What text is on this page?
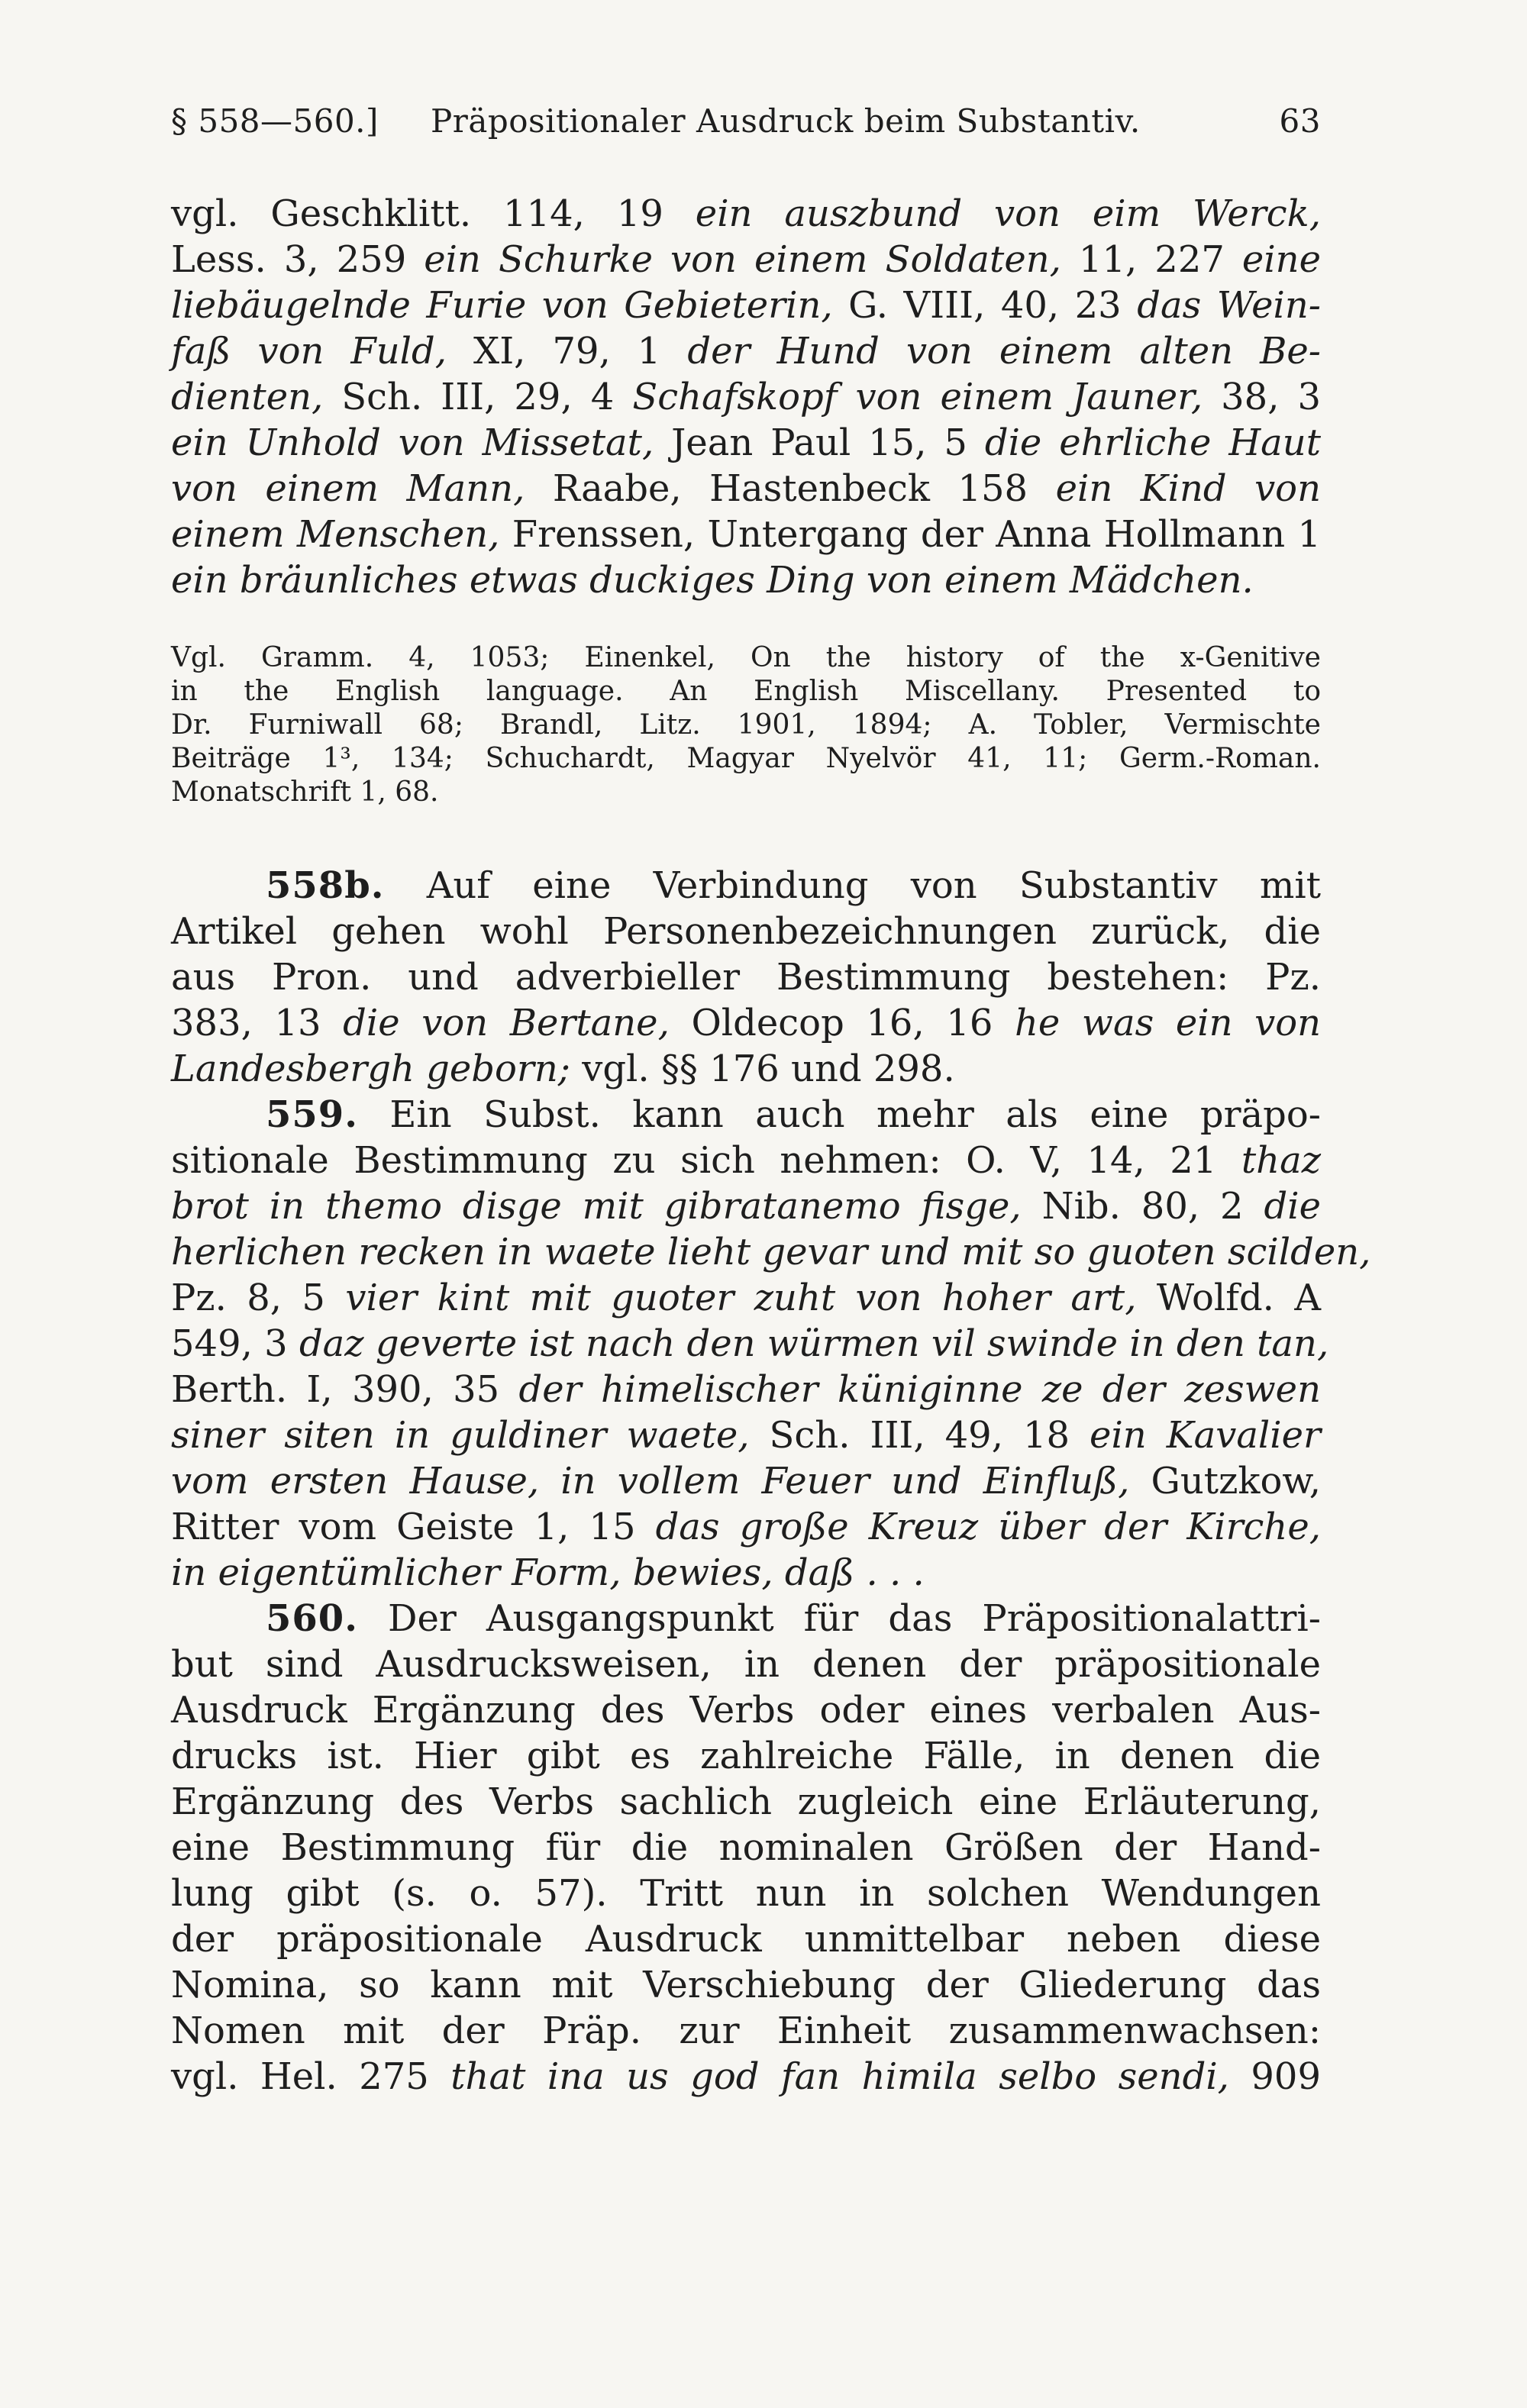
§ 558—560.] Präpositionaler Ausdruck beim Substantiv.	63
vgl. Geschklitt. 114, 19 ein auszbund von eim Werck,
Less. 3, 259 ein Schurke von einem Soldaten, 11, 227 eine
liebäugelnde Furie von Gebieterin, G. VIII, 40, 23 das Wein-
faß von Fuld, XI, 79, 1 der Hund von einem alten Be-
dienten, Sch. III, 29, 4 Schafskopf von einem Jauner, 38, 3
ein Unhold von Missetat, Jean Paul 15, 5 die ehrliche Haut
von einem Mann, Raabe, Hastenbeck 158 ein Kind von
einem Menschen, Frenssen, Untergang der Anna Hollmann 1
ein bräunliches etwas duckiges Ding von einem Mädchen.
Vgl. Gramm. 4, 1053; Einenkel, On the history of the x-Genitive
in the English language. An English Miscellany. Presented to
Dr. Furniwall 68; Brandl, Litz. 1901, 1894; A. Tobler, Vermischte
Beiträge 1³, 134; Schuchardt, Magyar Nyelvör 41, 11; Germ.-Roman.
Monatschrift 1, 68.
558b. Auf eine Verbindung von Substantiv mit
Artikel gehen wohl Personenbezeichnungen zurück, die
aus Pron. und adverbieller Bestimmung bestehen: Pz.
383, 13 die von Bertane, Oldecop 16, 16 he was ein von
Landesbergh geborn; vgl. §§ 176 und 298.
559. Ein Subst. kann auch mehr als eine präpo-
sitionale Bestimmung zu sich nehmen: O. V, 14, 21 thaz
brot in themo disge mit gibratanemo fisge, Nib. 80, 2 die
herlichen recken in waete lieht gevar und mit so guoten scilden,
Pz. 8, 5 vier kint mit guoter zuht von hoher art, Wolfd. A
549, 3 daz geverte ist nach den würmen vil swinde in den tan,
Berth. I, 390, 35 der himelischer küniginne ze der zeswen
siner siten in guldiner waete, Sch. III, 49, 18 ein Kavalier
vom ersten Hause, in vollem Feuer und Einfluß, Gutzkow,
Ritter vom Geiste 1, 15 das große Kreuz über der Kirche,
in eigentümlicher Form, bewies, daß . . .
560. Der Ausgangspunkt für das Präpositionalattri-
but sind Ausdrucksweisen, in denen der präpositionale
Ausdruck Ergänzung des Verbs oder eines verbalen Aus-
drucks ist. Hier gibt es zahlreiche Fälle, in denen die
Ergänzung des Verbs sachlich zugleich eine Erläuterung,
eine Bestimmung für die nominalen Größen der Hand-
lung gibt (s. o. 57). Tritt nun in solchen Wendungen
der präpositionale Ausdruck unmittelbar neben diese
Nomina, so kann mit Verschiebung der Gliederung das
Nomen mit der Präp. zur Einheit zusammenwachsen:
vgl. Hel. 275 that ina us god fan himila selbo sendi, 909
